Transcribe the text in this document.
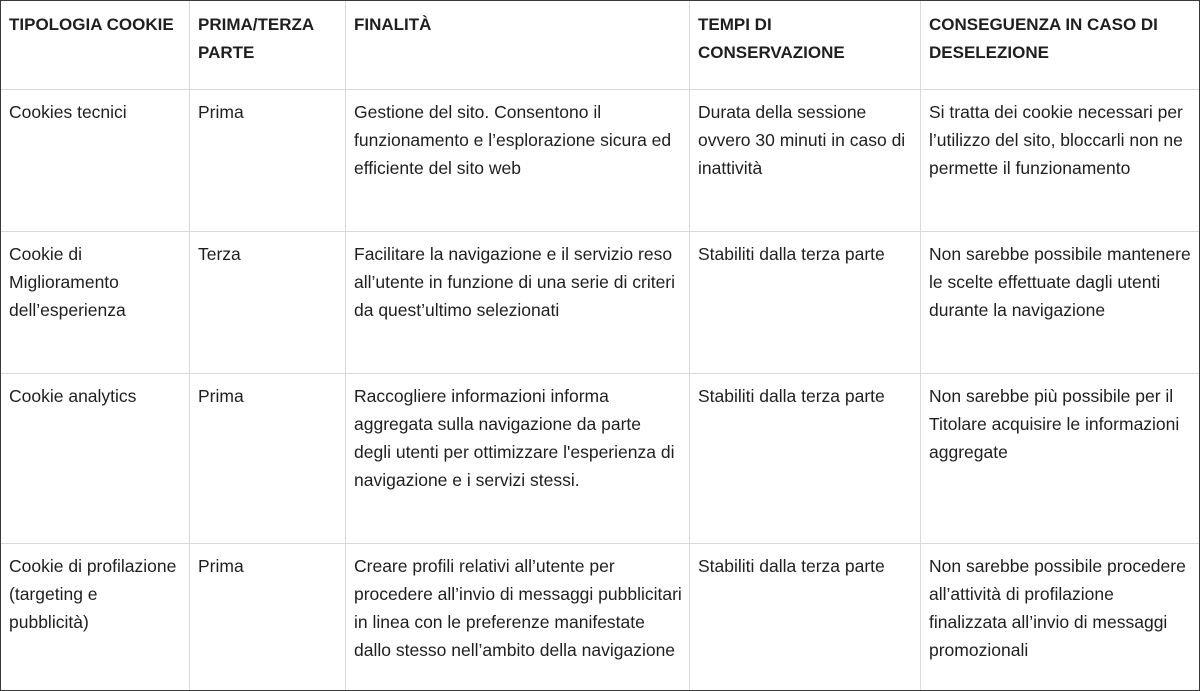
TIPOLOGIA COOKIE	PRIMA/TERZA PARTE	FINALITÀ	TEMPI DI CONSERVAZIONE	CONSEGUENZA IN CASO DI DESELEZIONE
Cookies tecnici	Prima	Gestione del sito. Consentono il funzionamento e l’esplorazione sicura ed efficiente del sito web	Durata della sessione ovvero 30 minuti in caso di inattività	Si tratta dei cookie necessari per l’utilizzo del sito, bloccarli non ne permette il funzionamento
Cookie di Miglioramento dell’esperienza	Terza	Facilitare la navigazione e il servizio reso all’utente in funzione di una serie di criteri da quest’ultimo selezionati	Stabiliti dalla terza parte	Non sarebbe possibile mantenere le scelte effettuate dagli utenti durante la navigazione
Cookie analytics	Prima	Raccogliere informazioni informa aggregata sulla navigazione da parte degli utenti per ottimizzare l'esperienza di navigazione e i servizi stessi.	Stabiliti dalla terza parte	Non sarebbe più possibile per il Titolare acquisire le informazioni aggregate
Cookie di profilazione (targeting e pubblicità)	Prima	Creare profili relativi all’utente per procedere all’invio di messaggi pubblicitari in linea con le preferenze manifestate dallo stesso nell’ambito della navigazione	Stabiliti dalla terza parte	Non sarebbe possibile procedere all’attività di profilazione finalizzata all’invio di messaggi promozionali
